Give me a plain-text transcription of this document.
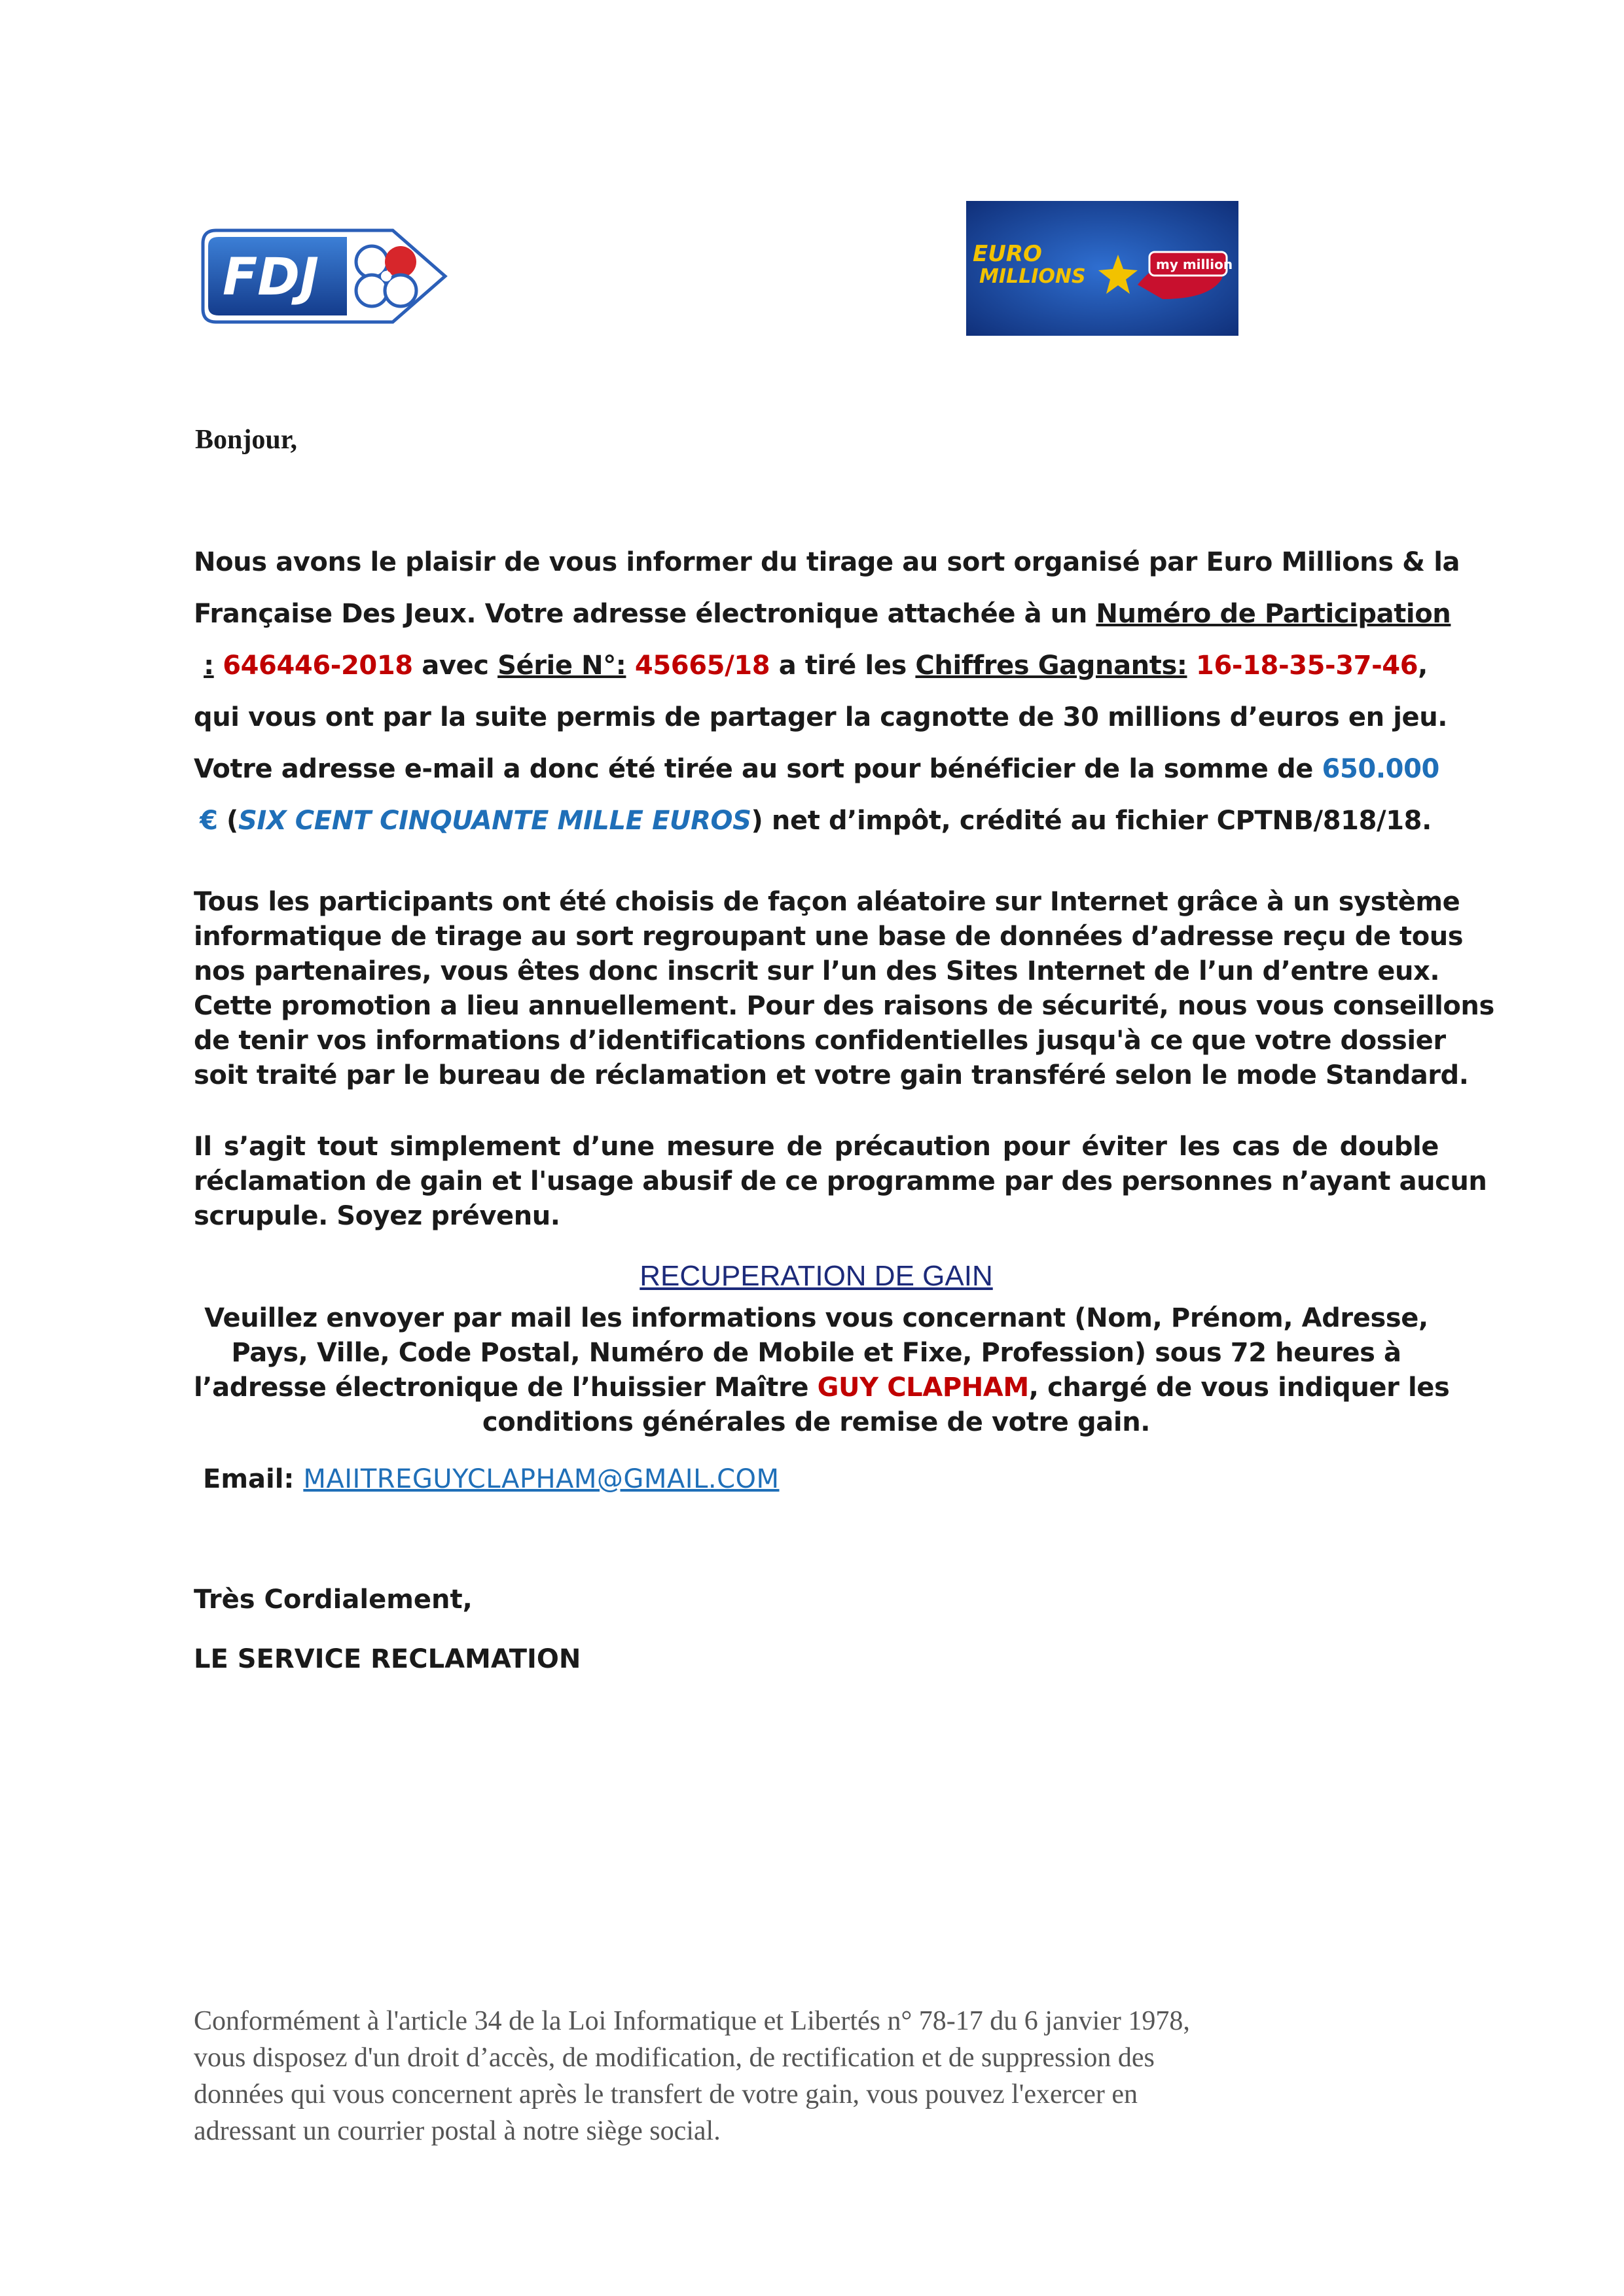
FDJ	EURO
MILLIONS
my million
Bonjour,
Nous avons le plaisir de vous informer du tirage au sort organisé par Euro Millions & la
Française Des Jeux. Votre adresse électronique attachée à un Numéro de Participation
: 646446-2018 avec Série N°: 45665/18 a tiré les Chiffres Gagnants: 16-18-35-37-46,
qui vous ont par la suite permis de partager la cagnotte de 30 millions d’euros en jeu.
Votre adresse e-mail a donc été tirée au sort pour bénéficier de la somme de 650.000
€ (SIX CENT CINQUANTE MILLE EUROS) net d’impôt, crédité au fichier CPTNB/818/18.
Tous les participants ont été choisis de façon aléatoire sur Internet grâce à un système
informatique de tirage au sort regroupant une base de données d’adresse reçu de tous
nos partenaires, vous êtes donc inscrit sur l’un des Sites Internet de l’un d’entre eux.
Cette promotion a lieu annuellement. Pour des raisons de sécurité, nous vous conseillons
de tenir vos informations d’identifications confidentielles jusqu'à ce que votre dossier
soit traité par le bureau de réclamation et votre gain transféré selon le mode Standard.
Il s’agit tout simplement d’une mesure de précaution pour éviter les cas de double
réclamation de gain et l'usage abusif de ce programme par des personnes n’ayant aucun
scrupule. Soyez prévenu.
RECUPERATION DE GAIN
Veuillez envoyer par mail les informations vous concernant (Nom, Prénom, Adresse,
Pays, Ville, Code Postal, Numéro de Mobile et Fixe, Profession) sous 72 heures à
l’adresse électronique de l’huissier Maître GUY CLAPHAM, chargé de vous indiquer les
conditions générales de remise de votre gain.
Email: MAIITREGUYCLAPHAM@GMAIL.COM
Très Cordialement,
LE SERVICE RECLAMATION
Conformément à l'article 34 de la Loi Informatique et Libertés n° 78-17 du 6 janvier 1978,
vous disposez d'un droit d’accès, de modification, de rectification et de suppression des
données qui vous concernent après le transfert de votre gain, vous pouvez l'exercer en
adressant un courrier postal à notre siège social.
